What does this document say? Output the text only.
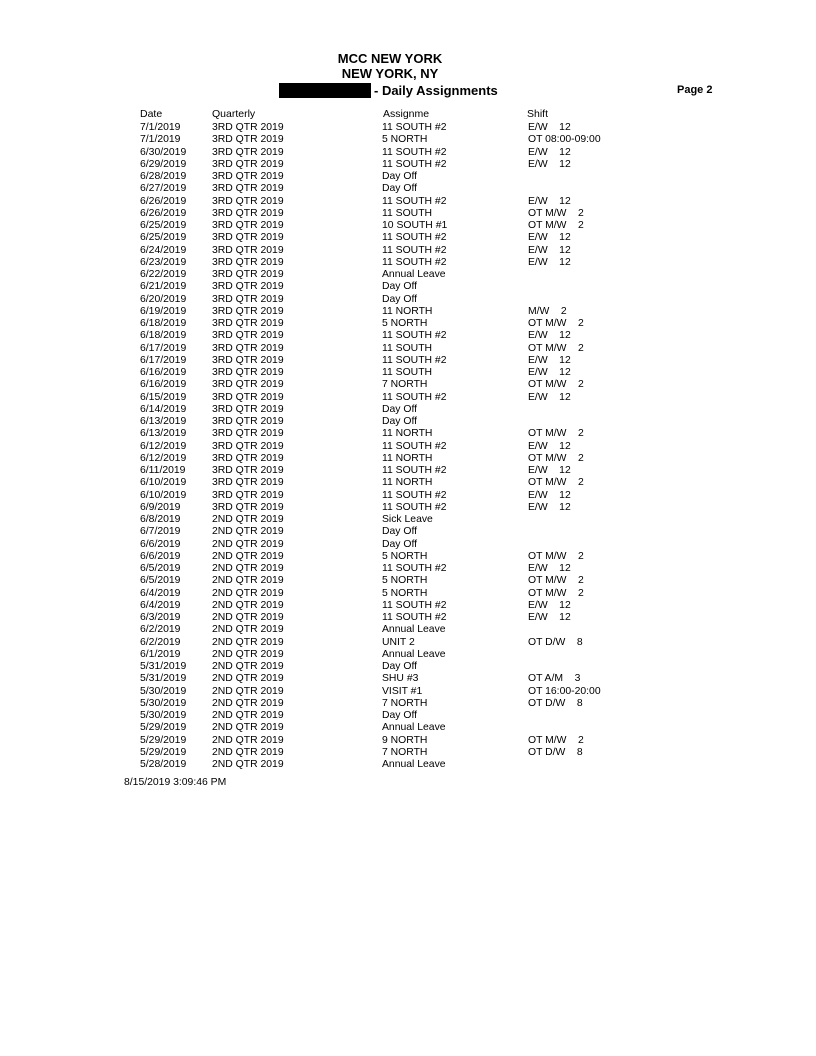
MCC NEW YORK
NEW YORK, NY
- Daily Assignments	Page 2
Date	Quarterly	Assignme	Shift
7/1/2019	3RD QTR 2019	11 SOUTH #2	E/W    12
7/1/2019	3RD QTR 2019	5 NORTH	OT 08:00-09:00
6/30/2019 3RD QTR 2019	11 SOUTH #2	E/W    12
6/29/2019 3RD QTR 2019	11 SOUTH #2	E/W    12
6/28/2019 3RD QTR 2019	Day Off
6/27/2019 3RD QTR 2019	Day Off
6/26/2019 3RD QTR 2019	11 SOUTH #2	E/W    12
6/26/2019 3RD QTR 2019	11 SOUTH	OT M/W    2
6/25/2019 3RD QTR 2019	10 SOUTH #1	OT M/W    2
6/25/2019 3RD QTR 2019	11 SOUTH #2	E/W    12
6/24/2019 3RD QTR 2019	11 SOUTH #2	E/W    12
6/23/2019 3RD QTR 2019	11 SOUTH #2	E/W    12
6/22/2019 3RD QTR 2019	Annual Leave
6/21/2019 3RD QTR 2019	Day Off
6/20/2019 3RD QTR 2019	Day Off
6/19/2019 3RD QTR 2019	11 NORTH	M/W    2
6/18/2019 3RD QTR 2019	5 NORTH	OT M/W    2
6/18/2019 3RD QTR 2019	11 SOUTH #2	E/W    12
6/17/2019 3RD QTR 2019	11 SOUTH	OT M/W    2
6/17/2019 3RD QTR 2019	11 SOUTH #2	E/W    12
6/16/2019 3RD QTR 2019	11 SOUTH	E/W    12
6/16/2019 3RD QTR 2019	7 NORTH	OT M/W    2
6/15/2019 3RD QTR 2019	11 SOUTH #2	E/W    12
6/14/2019 3RD QTR 2019	Day Off
6/13/2019 3RD QTR 2019	Day Off
6/13/2019 3RD QTR 2019	11 NORTH	OT M/W    2
6/12/2019 3RD QTR 2019	11 SOUTH #2	E/W    12
6/12/2019 3RD QTR 2019	11 NORTH	OT M/W    2
6/11/2019	3RD QTR 2019	11 SOUTH #2	E/W    12
6/10/2019 3RD QTR 2019	11 NORTH	OT M/W    2
6/10/2019 3RD QTR 2019	11 SOUTH #2	E/W    12
6/9/2019	3RD QTR 2019	11 SOUTH #2	E/W    12
6/8/2019	2ND QTR 2019	Sick Leave
6/7/2019	2ND QTR 2019	Day Off
6/6/2019	2ND QTR 2019	Day Off
6/6/2019	2ND QTR 2019	5 NORTH	OT M/W    2
6/5/2019	2ND QTR 2019	11 SOUTH #2	E/W    12
6/5/2019	2ND QTR 2019	5 NORTH	OT M/W    2
6/4/2019	2ND QTR 2019	5 NORTH	OT M/W    2
6/4/2019	2ND QTR 2019	11 SOUTH #2	E/W    12
6/3/2019	2ND QTR 2019	11 SOUTH #2	E/W    12
6/2/2019	2ND QTR 2019	Annual Leave
6/2/2019	2ND QTR 2019	UNIT 2	OT D/W    8
6/1/2019	2ND QTR 2019	Annual Leave
5/31/2019 2ND QTR 2019	Day Off
5/31/2019 2ND QTR 2019	SHU #3	OT A/M    3
5/30/2019 2ND QTR 2019	VISIT #1	OT 16:00-20:00
5/30/2019 2ND QTR 2019	7 NORTH	OT D/W    8
5/30/2019 2ND QTR 2019	Day Off
5/29/2019 2ND QTR 2019	Annual Leave
5/29/2019 2ND QTR 2019	9 NORTH	OT M/W    2
5/29/2019 2ND QTR 2019	7 NORTH	OT D/W    8
5/28/2019 2ND QTR 2019	Annual Leave
8/15/2019 3:09:46 PM
